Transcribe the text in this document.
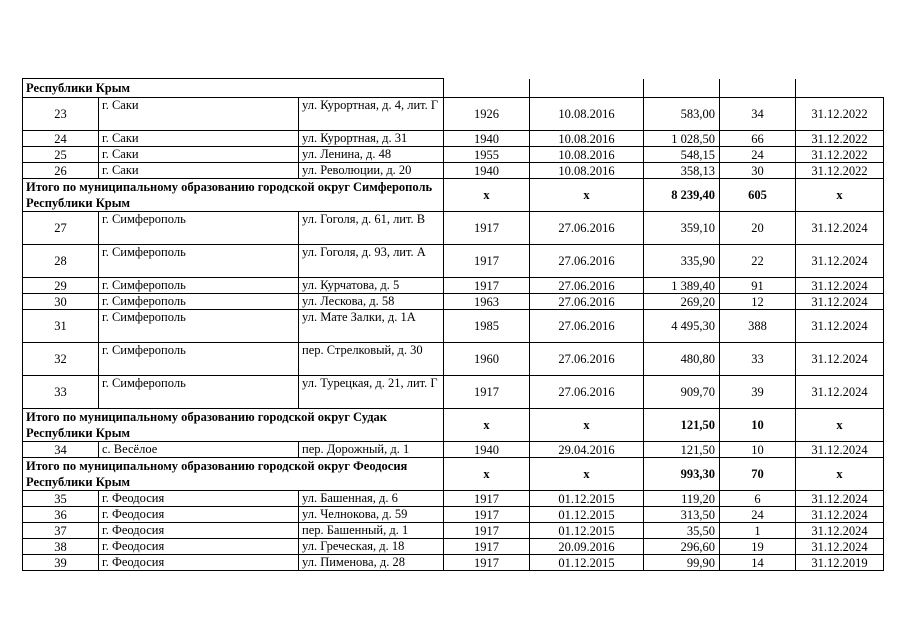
Республики Крым							
23	г. Саки	ул. Курортная, д. 4, лит. Г	1926	10.08.2016	583,00	34	31.12.2022
24	г. Саки	ул. Курортная, д. 31	1940	10.08.2016	1 028,50	66	31.12.2022
25	г. Саки	ул. Ленина, д. 48	1955	10.08.2016	548,15	24	31.12.2022
26	г. Саки	ул. Революции, д. 20	1940	10.08.2016	358,13	30	31.12.2022
Итого по муниципальному образованию городской округ Симферополь Республики Крым			х	х	8 239,40	605	х
27	г. Симферополь	ул. Гоголя, д. 61, лит. В	1917	27.06.2016	359,10	20	31.12.2024
28	г. Симферополь	ул. Гоголя, д. 93, лит. А	1917	27.06.2016	335,90	22	31.12.2024
29	г. Симферополь	ул. Курчатова, д. 5	1917	27.06.2016	1 389,40	91	31.12.2024
30	г. Симферополь	ул. Лескова, д. 58	1963	27.06.2016	269,20	12	31.12.2024
31	г. Симферополь	ул. Мате Залки, д. 1А	1985	27.06.2016	4 495,30	388	31.12.2024
32	г. Симферополь	пер. Стрелковый, д. 30	1960	27.06.2016	480,80	33	31.12.2024
33	г. Симферополь	ул. Турецкая, д. 21, лит. Г	1917	27.06.2016	909,70	39	31.12.2024
Итого по муниципальному образованию городской округ Судак Республики Крым			х	х	121,50	10	х
34	с. Весёлое	пер. Дорожный, д. 1	1940	29.04.2016	121,50	10	31.12.2024
Итого по муниципальному образованию городской округ Феодосия Республики Крым			х	х	993,30	70	х
35	г. Феодосия	ул. Башенная, д. 6	1917	01.12.2015	119,20	6	31.12.2024
36	г. Феодосия	ул. Челнокова, д. 59	1917	01.12.2015	313,50	24	31.12.2024
37	г. Феодосия	пер. Башенный, д. 1	1917	01.12.2015	35,50	1	31.12.2024
38	г. Феодосия	ул. Греческая, д. 18	1917	20.09.2016	296,60	19	31.12.2024
39	г. Феодосия	ул. Пименова, д. 28	1917	01.12.2015	99,90	14	31.12.2019
